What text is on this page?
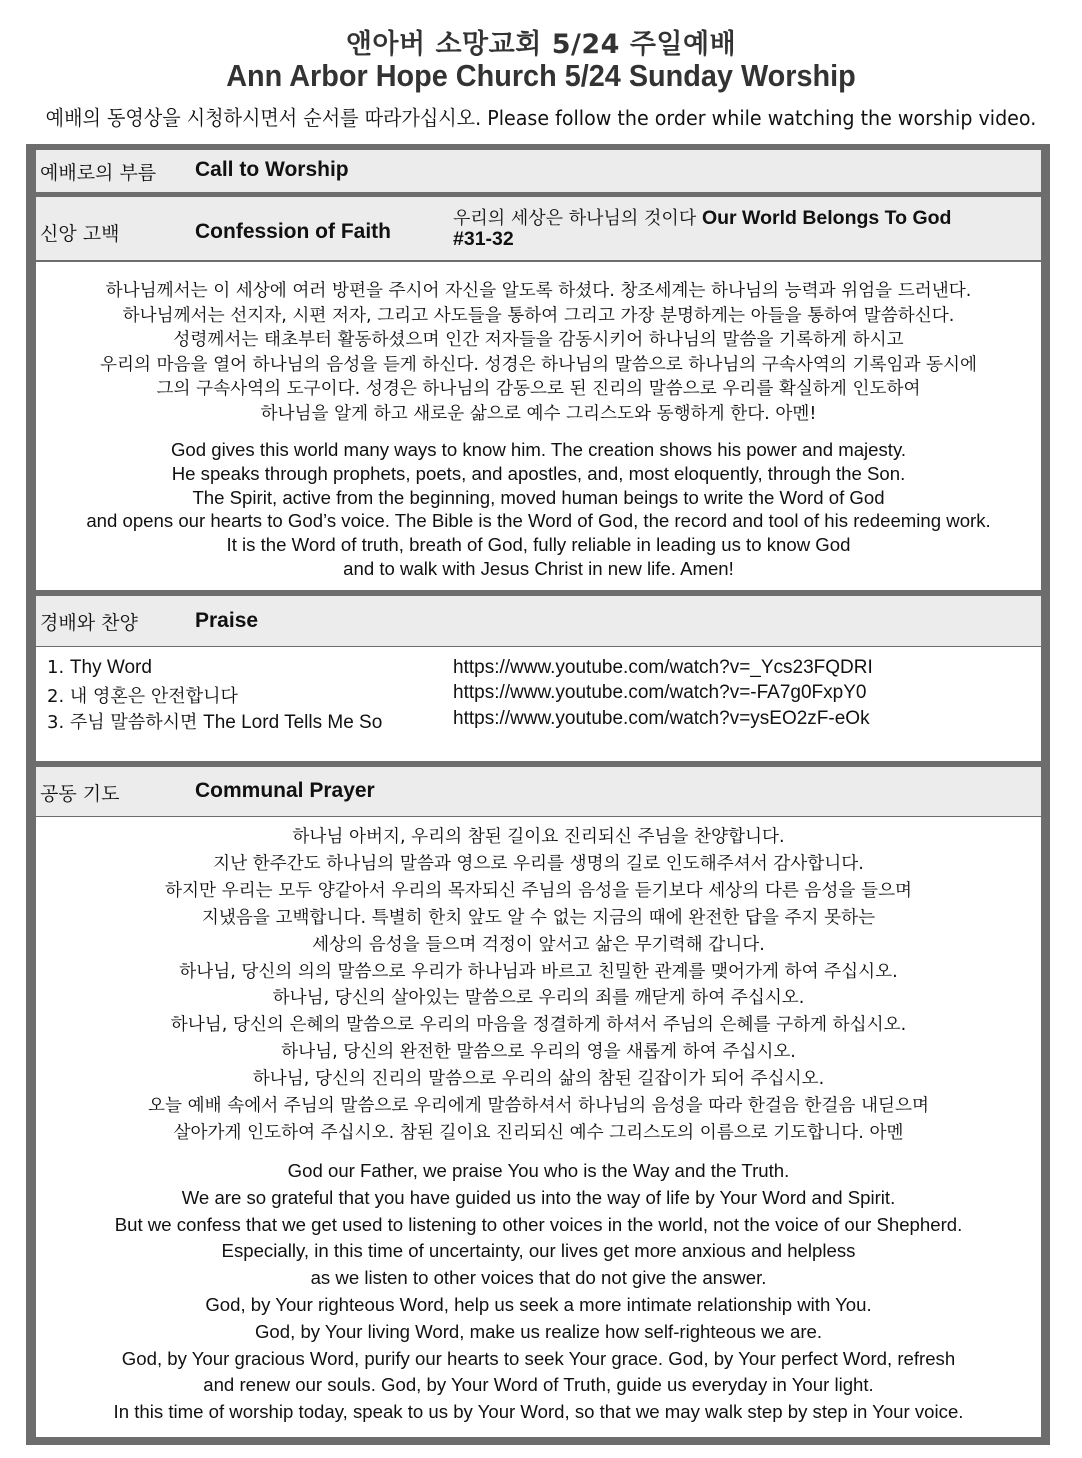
앤아버 소망교회 5/24 주일예배
Ann Arbor Hope Church 5/24 Sunday Worship
예배의 동영상을 시청하시면서 순서를 따라가십시오. Please follow the order while watching the worship video.
예배로의 부름 Call to Worship
신앙 고백	Confession of Faith
우리의 세상은 하나님의 것이다 Our World Belongs To God
#31-32
하나님께서는 이 세상에 여러 방편을 주시어 자신을 알도록 하셨다. 창조세계는 하나님의 능력과 위엄을 드러낸다.
하나님께서는 선지자, 시편 저자, 그리고 사도들을 통하여 그리고 가장 분명하게는 아들을 통하여 말씀하신다.
성령께서는 태초부터 활동하셨으며 인간 저자들을 감동시키어 하나님의 말씀을 기록하게 하시고
우리의 마음을 열어 하나님의 음성을 듣게 하신다. 성경은 하나님의 말씀으로 하나님의 구속사역의 기록임과 동시에
그의 구속사역의 도구이다. 성경은 하나님의 감동으로 된 진리의 말씀으로 우리를 확실하게 인도하여
하나님을 알게 하고 새로운 삶으로 예수 그리스도와 동행하게 한다. 아멘!
God gives this world many ways to know him. The creation shows his power and majesty.
He speaks through prophets, poets, and apostles, and, most eloquently, through the Son.
The Spirit, active from the beginning, moved human beings to write the Word of God
and opens our hearts to God’s voice. The Bible is the Word of God, the record and tool of his redeeming work.
It is the Word of truth, breath of God, fully reliable in leading us to know God
and to walk with Jesus Christ in new life. Amen!
경배와 찬양	Praise
1. Thy Word	https://www.youtube.com/watch?v=_Ycs23FQDRI
2. 내 영혼은 안전합니다	https://www.youtube.com/watch?v=-FA7g0FxpY0
3. 주님 말씀하시면 The Lord Tells Me So	https://www.youtube.com/watch?v=ysEO2zF-eOk
공동 기도	Communal Prayer
하나님 아버지, 우리의 참된 길이요 진리되신 주님을 찬양합니다.
지난 한주간도 하나님의 말씀과 영으로 우리를 생명의 길로 인도해주셔서 감사합니다.
하지만 우리는 모두 양같아서 우리의 목자되신 주님의 음성을 듣기보다 세상의 다른 음성을 들으며
지냈음을 고백합니다. 특별히 한치 앞도 알 수 없는 지금의 때에 완전한 답을 주지 못하는
세상의 음성을 들으며 걱정이 앞서고 삶은 무기력해 갑니다.
하나님, 당신의 의의 말씀으로 우리가 하나님과 바르고 친밀한 관계를 맺어가게 하여 주십시오.
하나님, 당신의 살아있는 말씀으로 우리의 죄를 깨닫게 하여 주십시오.
하나님, 당신의 은혜의 말씀으로 우리의 마음을 정결하게 하셔서 주님의 은혜를 구하게 하십시오.
하나님, 당신의 완전한 말씀으로 우리의 영을 새롭게 하여 주십시오.
하나님, 당신의 진리의 말씀으로 우리의 삶의 참된 길잡이가 되어 주십시오.
오늘 예배 속에서 주님의 말씀으로 우리에게 말씀하셔서 하나님의 음성을 따라 한걸음 한걸음 내딛으며
살아가게 인도하여 주십시오. 참된 길이요 진리되신 예수 그리스도의 이름으로 기도합니다. 아멘
God our Father, we praise You who is the Way and the Truth.
We are so grateful that you have guided us into the way of life by Your Word and Spirit.
But we confess that we get used to listening to other voices in the world, not the voice of our Shepherd.
Especially, in this time of uncertainty, our lives get more anxious and helpless
as we listen to other voices that do not give the answer.
God, by Your righteous Word, help us seek a more intimate relationship with You.
God, by Your living Word, make us realize how self-righteous we are.
God, by Your gracious Word, purify our hearts to seek Your grace. God, by Your perfect Word, refresh
and renew our souls. God, by Your Word of Truth, guide us everyday in Your light.
In this time of worship today, speak to us by Your Word, so that we may walk step by step in Your voice.
